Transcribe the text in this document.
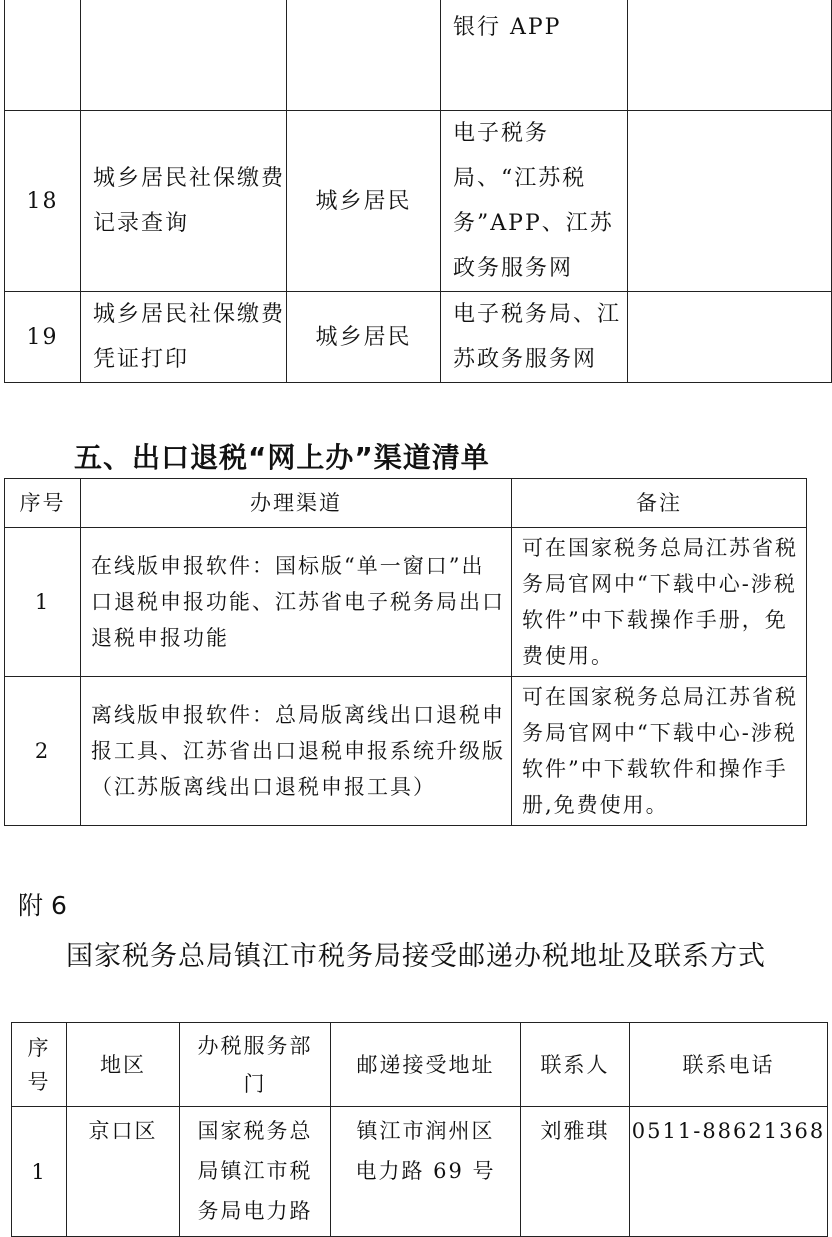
			银行 APP	
18	城乡居民社保缴费记录查询	城乡居民	电子税务局、“江苏税务”APP、江苏政务服务网	
19	城乡居民社保缴费凭证打印	城乡居民	电子税务局、江苏政务服务网	
五、出口退税“网上办”渠道清单
序号	办理渠道	备注
1	在线版申报软件：国标版“单一窗口”出口退税申报功能、江苏省电子税务局出口退税申报功能	可在国家税务总局江苏省税务局官网中“下载中心-涉税软件”中下载操作手册，免费使用。
2	离线版申报软件：总局版离线出口退税申报工具、江苏省出口退税申报系统升级版（江苏版离线出口退税申报工具）	可在国家税务总局江苏省税务局官网中“下载中心-涉税软件”中下载软件和操作手册,免费使用。
附 6
国家税务总局镇江市税务局接受邮递办税地址及联系方式
序号	地区	办税服务部门	邮递接受地址	联系人	联系电话
1	京口区	国家税务总局镇江市税务局电力路	镇江市润州区电力路 69 号	刘雅琪	0511-88621368
